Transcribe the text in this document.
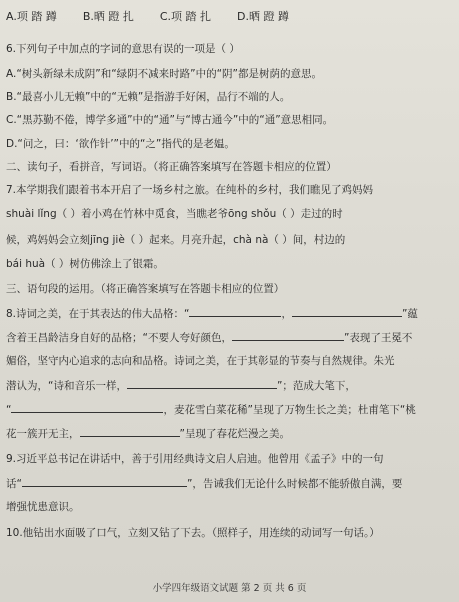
A.项 踏 蹲 B.晒 蹬 扎 C.项 踏 扎 D.晒 蹬 蹲
6.下列句子中加点的字词的意思有误的一项是（ ）
A.“树头新绿未成阴”和“绿阴不减来时路”中的“阴”都是树荫的意思。
B.“最喜小儿无赖”中的“无赖”是指游手好闲，品行不端的人。
C.“黑苏勤不倦，博学多通”中的“通”与“博古通今”中的“通”意思相同。
D.“问之，曰：‘欲作针’”中的“之”指代的是老媪。
二、读句子，看拼音，写词语。（将正确答案填写在答题卡相应的位置）
7.本学期我们跟着书本开启了一场乡村之旅。在纯朴的乡村，我们瞧见了鸡妈妈
shuài lǐng（ ）着小鸡在竹林中觅食，当瞧老爷ōng shǒu（ ）走过的时
候，鸡妈妈会立刻jīng jiè（ ）起来。月亮升起，chà nà（ ）间，村边的
bái huà（ ）树仿佛涂上了银霜。
三、语句段的运用。（将正确答案填写在答题卡相应的位置）
8.诗词之美，在于其表达的伟大品格：“	，	”蕴
含着王昌龄洁身自好的品格；“不要人夸好颜色，	”表现了王冕不
媚俗，坚守内心追求的志向和品格。诗词之美，在于其彰显的节奏与自然规律。朱光
潜认为，“诗和音乐一样，	”；范成大笔下，
“	，麦花雪白菜花稀”呈现了万物生长之美；杜甫笔下“桃
花一簇开无主，	”呈现了春花烂漫之美。
9.习近平总书记在讲话中，善于引用经典诗文启人启迪。他曾用《孟子》中的一句
话“	”，告诫我们无论什么时候都不能骄傲自满，要
增强忧患意识。
10.他钻出水面吸了口气，立刻又钻了下去。（照样子，用连续的动词写一句话。）
小学四年级语文试题 第 2 页 共 6 页
